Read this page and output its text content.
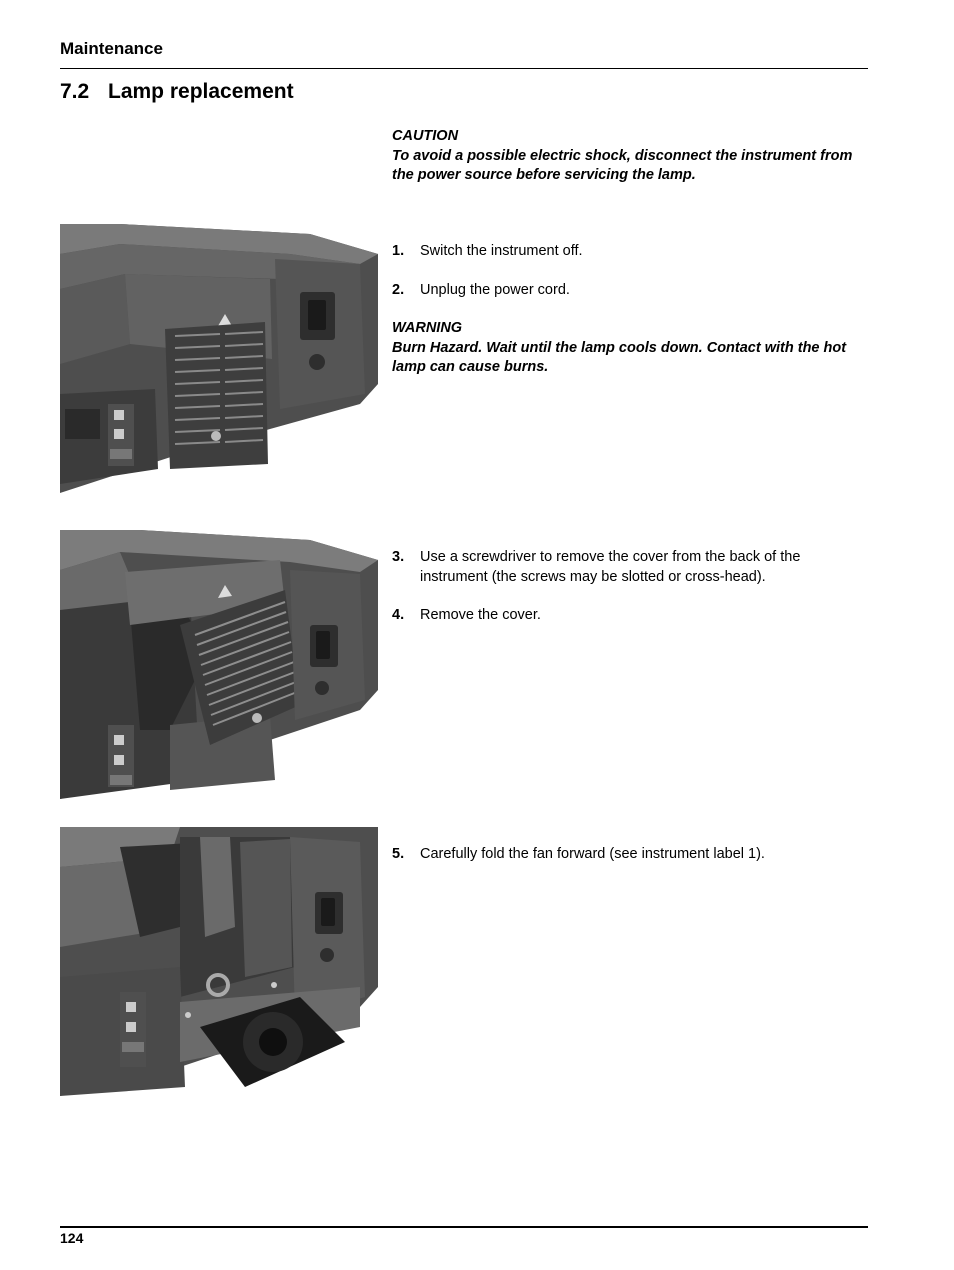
Maintenance
7.2 Lamp replacement
CAUTION
To avoid a possible electric shock, disconnect the instrument from the power source before servicing the lamp.
1. Switch the instrument off.
2. Unplug the power cord.
WARNING
Burn Hazard. Wait until the lamp cools down. Contact with the hot lamp can cause burns.
3. Use a screwdriver to remove the cover from the back of the instrument (the screws may be slotted or cross-head).
4. Remove the cover.
5. Carefully fold the fan forward (see instrument label 1).
124
